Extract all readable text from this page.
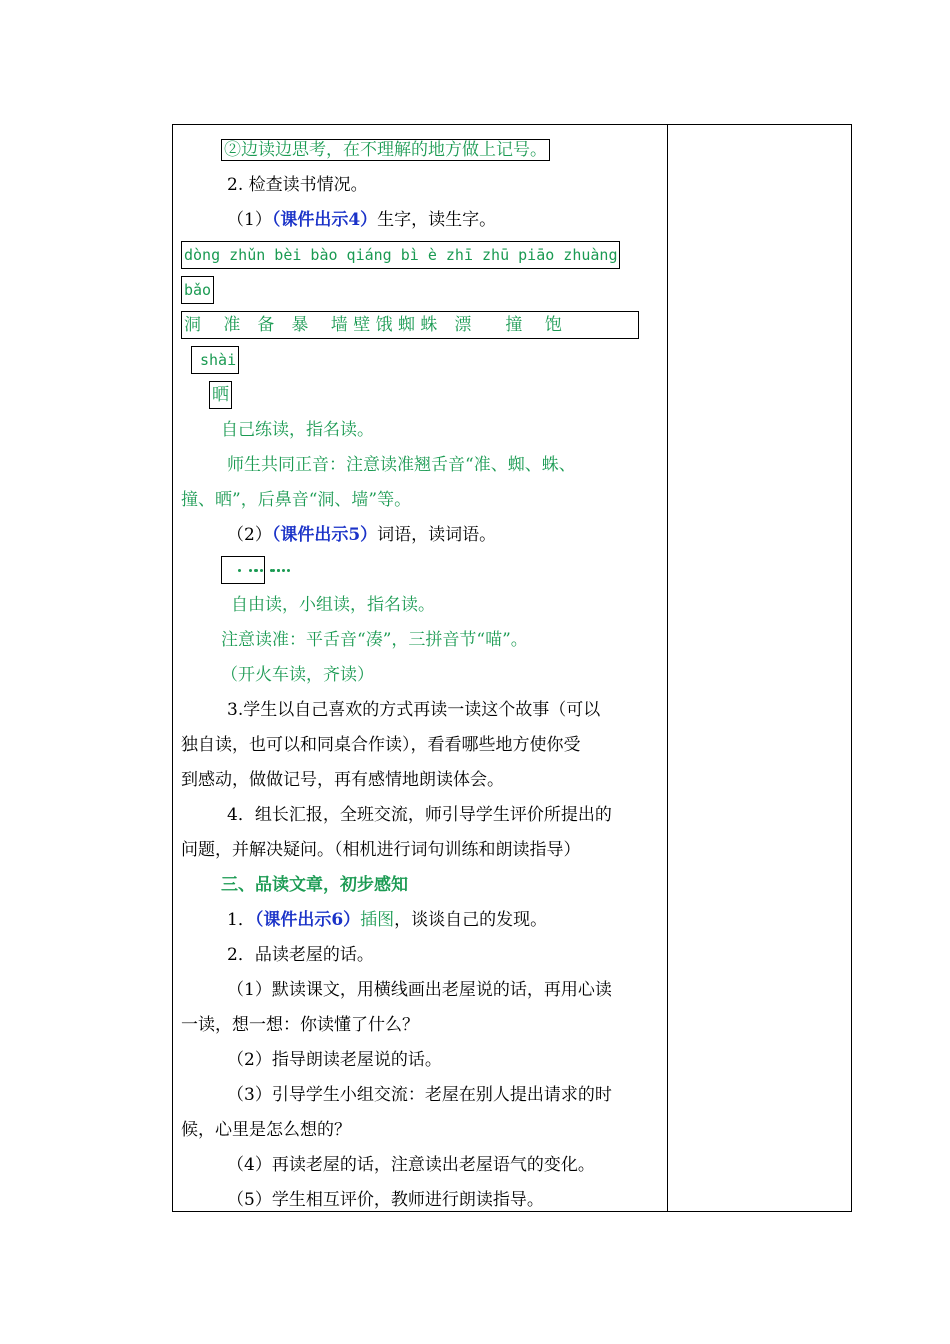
②边读边思考，在不理解的地方做上记号。
2. 检查读书情况。
（1）（课件出示4）生字，读生字。
dòng zhǔn bèi bào qiáng bì è zhī zhū piāo zhuàng
bǎo
洞　 准　备　暴　 墙 壁 饿 蜘 蛛　漂　　撞　 饱
shài
晒
自己练读，指名读。
师生共同正音：注意读准翘舌音“准、蜘、蛛、
撞、晒”，后鼻音“洞、墙”等。
（2）（课件出示5）词语，读词语。

自由读，小组读，指名读。
注意读准：平舌音“凑”，三拼音节“喵”。
（开火车读，齐读）
3.学生以自己喜欢的方式再读一读这个故事（可以
独自读，也可以和同桌合作读），看看哪些地方使你受
到感动，做做记号，再有感情地朗读体会。
4．组长汇报，全班交流，师引导学生评价所提出的
问题，并解决疑问。（相机进行词句训练和朗读指导）
三、品读文章，初步感知
1．（课件出示6）插图，谈谈自己的发现。
2．品读老屋的话。
（1）默读课文，用横线画出老屋说的话，再用心读
一读，想一想：你读懂了什么？
（2）指导朗读老屋说的话。
（3）引导学生小组交流：老屋在别人提出请求的时
候，心里是怎么想的？
（4）再读老屋的话，注意读出老屋语气的变化。
（5）学生相互评价，教师进行朗读指导。
